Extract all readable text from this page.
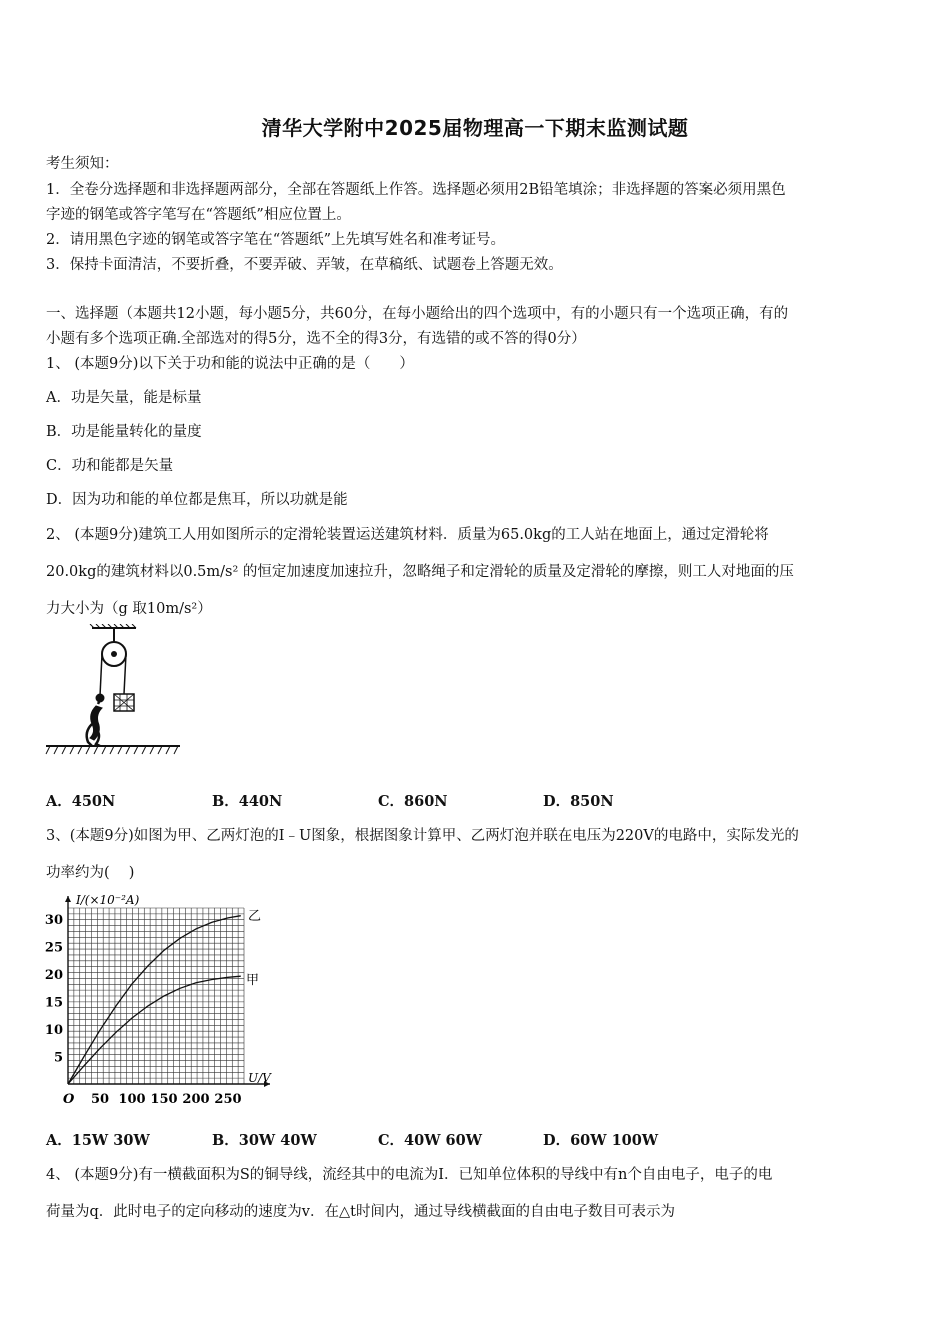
清华大学附中2025届物理高一下期末监测试题
考生须知：
1．全卷分选择题和非选择题两部分，全部在答题纸上作答。选择题必须用2B铅笔填涂；非选择题的答案必须用黑色
字迹的钢笔或答字笔写在“答题纸”相应位置上。
2．请用黑色字迹的钢笔或答字笔在“答题纸”上先填写姓名和准考证号。
3．保持卡面清洁，不要折叠，不要弄破、弄皱，在草稿纸、试题卷上答题无效。
一、选择题（本题共12小题，每小题5分，共60分，在每小题给出的四个选项中，有的小题只有一个选项正确，有的
小题有多个选项正确.全部选对的得5分，选不全的得3分，有选错的或不答的得0分）
1、 (本题9分)以下关于功和能的说法中正确的是（　　）
A．功是矢量，能是标量
B．功是能量转化的量度
C．功和能都是矢量
D．因为功和能的单位都是焦耳，所以功就是能
2、 (本题9分)建筑工人用如图所示的定滑轮装置运送建筑材料．质量为65.0kg的工人站在地面上，通过定滑轮将
20.0kg的建筑材料以0.5m/s² 的恒定加速度加速拉升，忽略绳子和定滑轮的质量及定滑轮的摩擦，则工人对地面的压
力大小为（g 取10m/s²）
A．450N	B．440N	C．860N	D．850N
3、(本题9分)如图为甲、乙两灯泡的I﹣U图象，根据图象计算甲、乙两灯泡并联在电压为220V的电路中，实际发光的
功率约为(　 )
50 100 150 200 250
5
10
15
20
25
30
I/(×10⁻²A)
U/V
O
乙
甲
A．15W 30W	B．30W 40W	C．40W 60W	D．60W 100W
4、 (本题9分)有一横截面积为S的铜导线，流经其中的电流为I．已知单位体积的导线中有n个自由电子，电子的电
荷量为q．此时电子的定向移动的速度为v．在△t时间内，通过导线横截面的自由电子数目可表示为
